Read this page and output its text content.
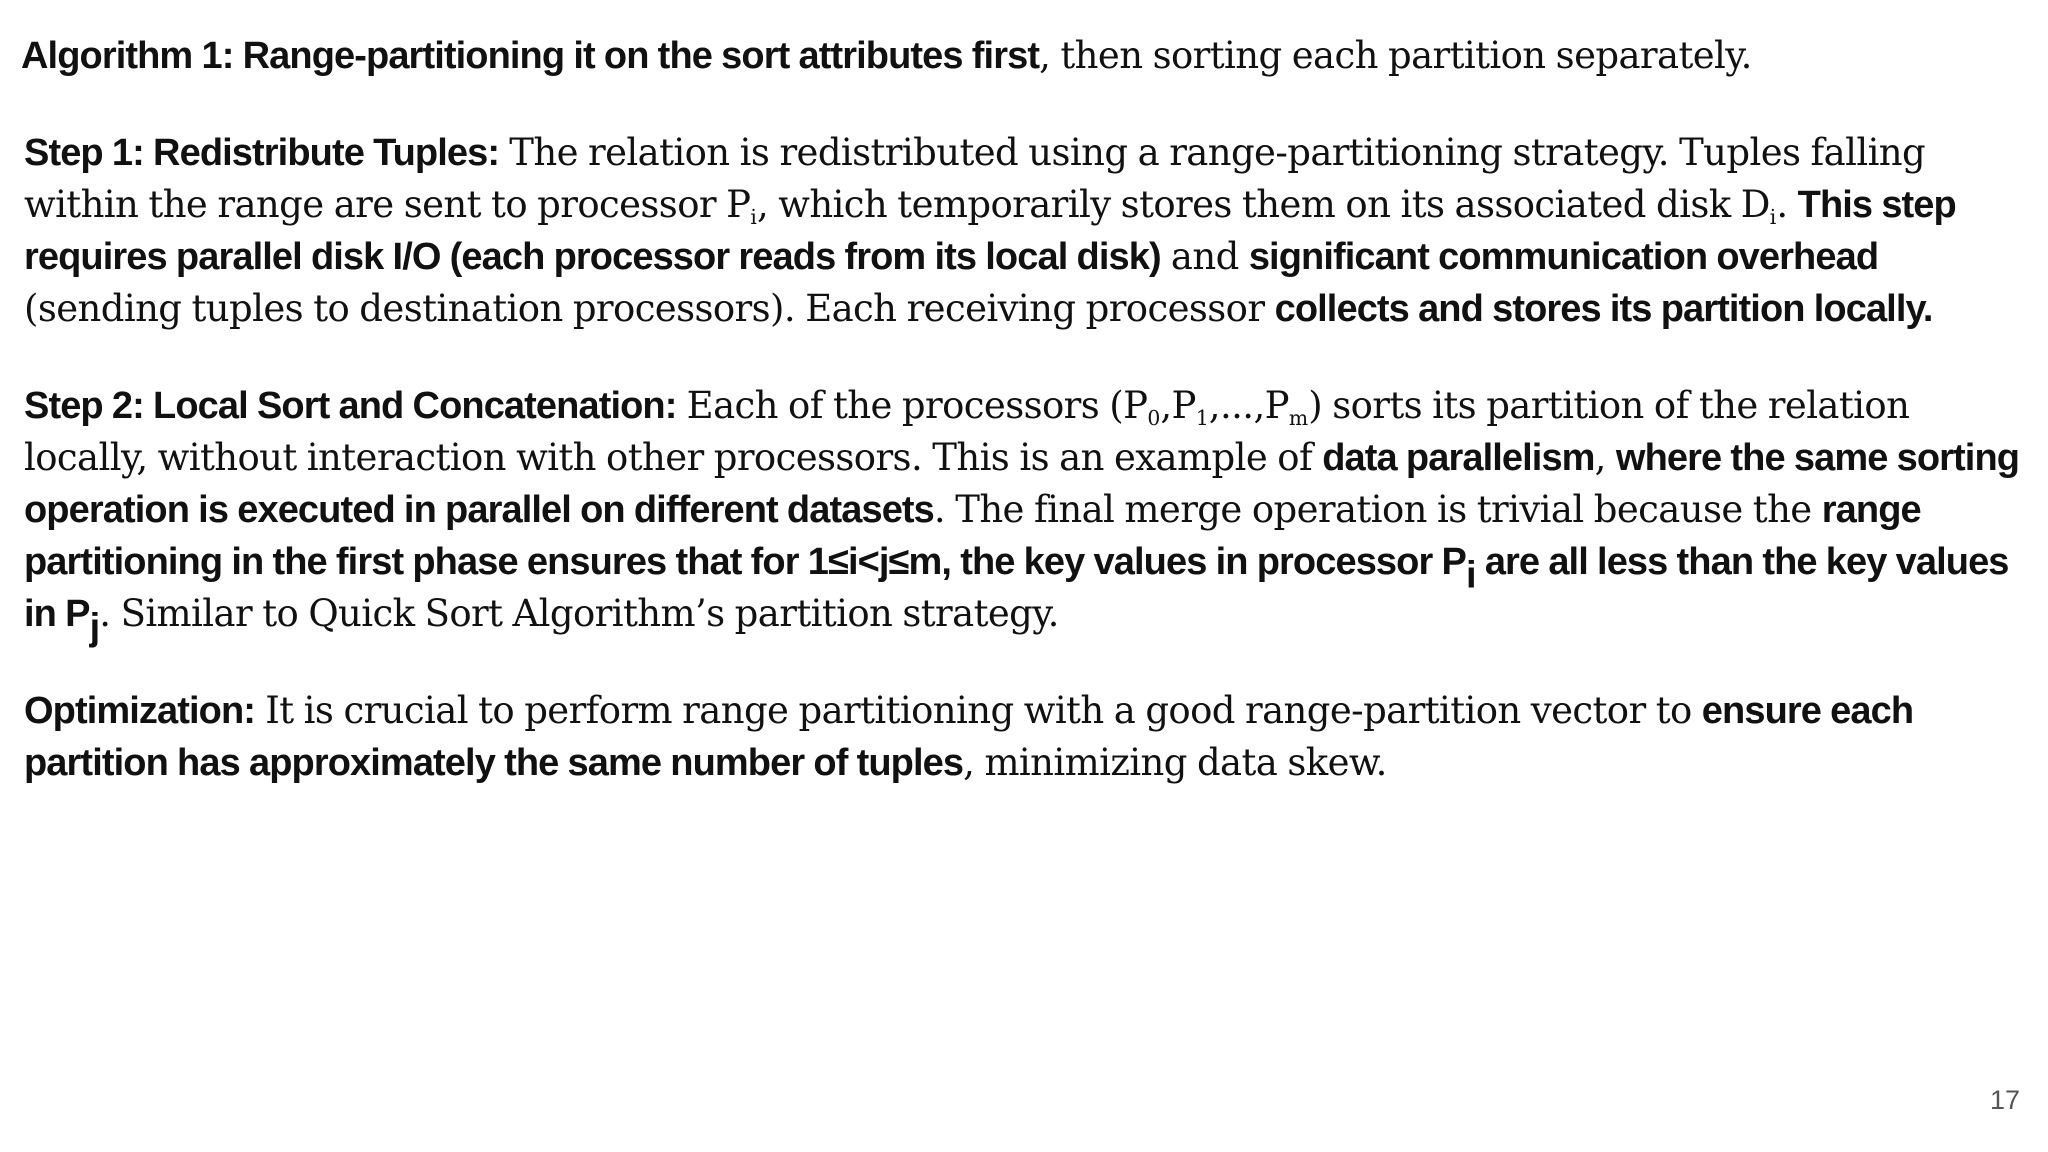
Algorithm 1: Range-partitioning it on the sort attributes first, then sorting each partition separately.

Step 1: Redistribute Tuples: The relation is redistributed using a range-partitioning strategy. Tuples falling within the range are sent to processor $P_i$, which temporarily stores them on its associated disk $D_i$. This step requires parallel disk I/O (each processor reads from its local disk) and significant communication overhead (sending tuples to destination processors). Each receiving processor collects and stores its partition locally.

Step 2: Local Sort and Concatenation: Each of the processors $(P_0,P_1,...,P_m)$ sorts its partition of the relation locally, without interaction with other processors. This is an example of data parallelism, where the same sorting operation is executed in parallel on different datasets. The final merge operation is trivial because the range partitioning in the first phase ensures that for 1≤i<j≤m, the key values in processor $P_i$ are all less than the key values in $P_j$. Similar to Quick Sort Algorithm’s partition strategy.

Optimization: It is crucial to perform range partitioning with a good range-partition vector to ensure each partition has approximately the same number of tuples, minimizing data skew.

17
